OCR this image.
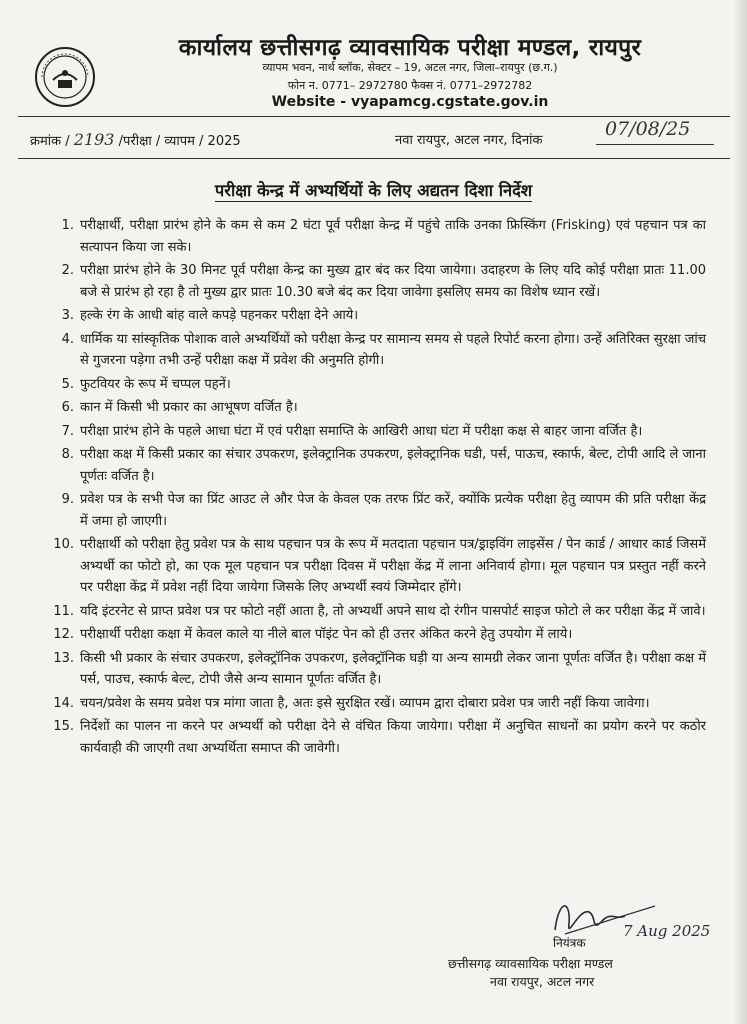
कार्यालय छत्तीसगढ़ व्यावसायिक परीक्षा मण्डल, रायपुर
व्यापम भवन, नार्थ ब्लॉक, सेक्टर – 19, अटल नगर, जिला–रायपुर (छ.ग.)
फोन न. 0771– 2972780 फैक्स नं. 0771–2972782
Website - vyapamcg.cgstate.gov.in
क्रमांक / 2193 /परीक्षा / व्यापम / 2025	नवा रायपुर, अटल नगर, दिनांक
07/08/25
परीक्षा केन्द्र में अभ्यर्थियों के लिए अद्यतन दिशा निर्देश
1. परीक्षार्थी, परीक्षा प्रारंभ होने के कम से कम 2 घंटा पूर्व परीक्षा केन्द्र में पहुंचे ताकि उनका फ्रिस्किंग (Frisking) एवं पहचान पत्र का सत्यापन किया जा सके।
2. परीक्षा प्रारंभ होने के 30 मिनट पूर्व परीक्षा केन्द्र का मुख्य द्वार बंद कर दिया जायेगा। उदाहरण के लिए यदि कोई परीक्षा प्रातः 11.00 बजे से प्रारंभ हो रहा है तो मुख्य द्वार प्रातः 10.30 बजे बंद कर दिया जावेगा इसलिए समय का विशेष ध्यान रखें।
3. हल्के रंग के आधी बांह वाले कपड़े पहनकर परीक्षा देने आये।
4. धार्मिक या सांस्कृतिक पोशाक वाले अभ्यर्थियों को परीक्षा केन्द्र पर सामान्य समय से पहले रिपोर्ट करना होगा। उन्हें अतिरिक्त सुरक्षा जांच से गुजरना पड़ेगा तभी उन्हें परीक्षा कक्ष में प्रवेश की अनुमति होगी।
5. फुटवियर के रूप में चप्पल पहनें।
6. कान में किसी भी प्रकार का आभूषण वर्जित है।
7. परीक्षा प्रारंभ होने के पहले आधा घंटा में एवं परीक्षा समाप्ति के आखिरी आधा घंटा में परीक्षा कक्ष से बाहर जाना वर्जित है।
8. परीक्षा कक्ष में किसी प्रकार का संचार उपकरण, इलेक्ट्रानिक उपकरण, इलेक्ट्रानिक घडी, पर्स, पाऊच, स्कार्फ, बेल्ट, टोपी आदि ले जाना पूर्णतः वर्जित है।
9. प्रवेश पत्र के सभी पेज का प्रिंट आउट ले और पेज के केवल एक तरफ प्रिंट करें, क्योंकि प्रत्येक परीक्षा हेतु व्यापम की प्रति परीक्षा केंद्र में जमा हो जाएगी।
10. परीक्षार्थी को परीक्षा हेतु प्रवेश पत्र के साथ पहचान पत्र के रूप में मतदाता पहचान पत्र/ड्राइविंग लाइसेंस / पेन कार्ड / आधार कार्ड जिसमें अभ्यर्थी का फोटो हो, का एक मूल पहचान पत्र परीक्षा दिवस में परीक्षा केंद्र में लाना अनिवार्य होगा। मूल पहचान पत्र प्रस्तुत नहीं करने पर परीक्षा केंद्र में प्रवेश नहीं दिया जायेगा जिसके लिए अभ्यर्थी स्वयं जिम्मेदार होंगे।
11. यदि इंटरनेट से प्राप्त प्रवेश पत्र पर फोटो नहीं आता है, तो अभ्यर्थी अपने साथ दो रंगीन पासपोर्ट साइज फोटो ले कर परीक्षा केंद्र में जावे।
12. परीक्षार्थी परीक्षा कक्षा में केवल काले या नीले बाल पॉइंट पेन को ही उत्तर अंकित करने हेतु उपयोग में लाये।
13. किसी भी प्रकार के संचार उपकरण, इलेक्ट्रॉनिक उपकरण, इलेक्ट्रॉनिक घड़ी या अन्य सामग्री लेकर जाना पूर्णतः वर्जित है। परीक्षा कक्ष में पर्स, पाउच, स्कार्फ बेल्ट, टोपी जैसे अन्य सामान पूर्णतः वर्जित है।
14. चयन/प्रवेश के समय प्रवेश पत्र मांगा जाता है, अतः इसे सुरक्षित रखें। व्यापम द्वारा दोबारा प्रवेश पत्र जारी नहीं किया जावेगा।
15. निर्देशों का पालन ना करने पर अभ्यर्थी को परीक्षा देने से वंचित किया जायेगा। परीक्षा में अनुचित साधनों का प्रयोग करने पर कठोर कार्यवाही की जाएगी तथा अभ्यर्थिता समाप्त की जावेगी।
7 Aug 2025
नियंत्रक
छत्तीसगढ़ व्यावसायिक परीक्षा मण्डल
नवा रायपुर, अटल नगर
